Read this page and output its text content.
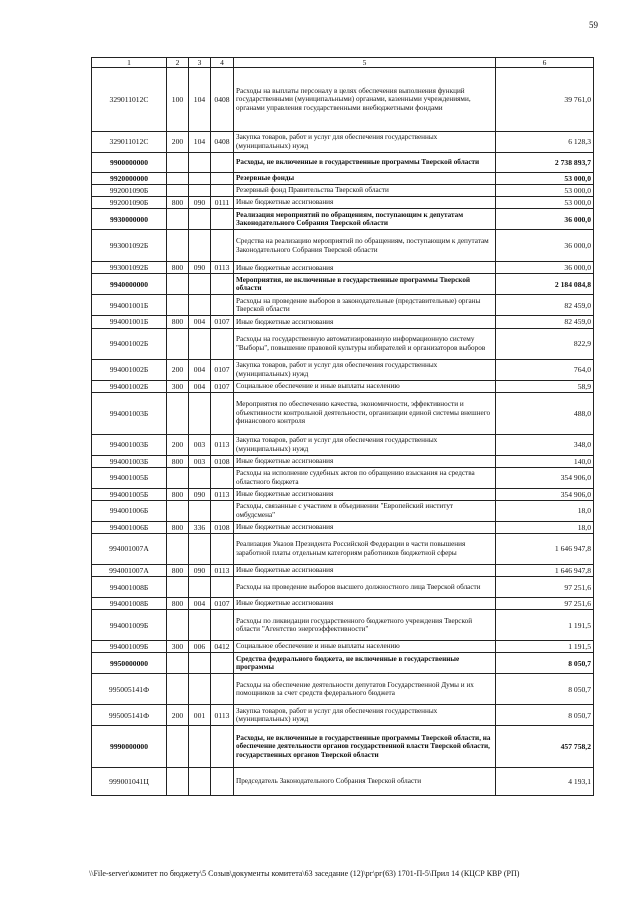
59
1	2	3	4	5	6
329011012С	100	104	0408	Расходы на выплаты персоналу в целях обеспечения выполнения функций государственными (муниципальными) органами, казенными учреждениями, органами управления государственными внебюджетными фондами	39 761,0
329011012С	200	104	0408	Закупка товаров, работ и услуг для обеспечения государственных (муниципальных) нужд	6 128,3
9900000000				Расходы, не включенные в государственные программы Тверской области	2 738 893,7
9920000000				Резервные фонды	53 000,0
992001090Б				Резервный фонд Правительства Тверской области	53 000,0
992001090Б	800	090	0111	Иные бюджетные ассигнования	53 000,0
9930000000				Реализация мероприятий по обращениям, поступающим к депутатам Законодательного Собрания Тверской области	36 000,0
993001092Б				Средства на реализацию мероприятий по обращениям, поступающим к депутатам Законодательного Собрания Тверской области	36 000,0
993001092Б	800	090	0113	Иные бюджетные ассигнования	36 000,0
9940000000				Мероприятия, не включенные в государственные программы Тверской области	2 184 084,8
994001001Б				Расходы на проведение выборов в законодательные (представительные) органы Тверской области	82 459,0
994001001Б	800	004	0107	Иные бюджетные ассигнования	82 459,0
994001002Б				Расходы на государственную автоматизированную информационную систему "Выборы", повышение правовой культуры избирателей и организаторов выборов	822,9
994001002Б	200	004	0107	Закупка товаров, работ и услуг для обеспечения государственных (муниципальных) нужд	764,0
994001002Б	300	004	0107	Социальное обеспечение и иные выплаты населению	58,9
994001003Б				Мероприятия по обеспечению качества, экономичности, эффективности и объективности контрольной деятельности, организации единой системы внешнего финансового контроля	488,0
994001003Б	200	003	0113	Закупка товаров, работ и услуг для обеспечения государственных (муниципальных) нужд	348,0
994001003Б	800	003	0108	Иные бюджетные ассигнования	140,0
994001005Б				Расходы на исполнение судебных актов по обращению взыскания на средства областного бюджета	354 906,0
994001005Б	800	090	0113	Иные бюджетные ассигнования	354 906,0
994001006Б				Расходы, связанные с участием в объединении "Европейский институт омбудсмена"	18,0
994001006Б	800	336	0108	Иные бюджетные ассигнования	18,0
994001007А				Реализация Указов Президента Российской Федерации в части повышения заработной платы отдельным категориям работников бюджетной сферы	1 646 947,8
994001007А	800	090	0113	Иные бюджетные ассигнования	1 646 947,8
994001008Б				Расходы на проведение выборов высшего должностного лица Тверской области	97 251,6
994001008Б	800	004	0107	Иные бюджетные ассигнования	97 251,6
994001009Б				Расходы по ликвидации государственного бюджетного учреждения Тверской области "Агентство энергоэффективности"	1 191,5
994001009Б	300	006	0412	Социальное обеспечение и иные выплаты населению	1 191,5
9950000000				Средства федерального бюджета, не включенные в государственные программы	8 050,7
995005141Ф				Расходы на обеспечение деятельности депутатов Государственной Думы и их помощников за счет средств федерального бюджета	8 050,7
995005141Ф	200	001	0113	Закупка товаров, работ и услуг для обеспечения государственных (муниципальных) нужд	8 050,7
9990000000				Расходы, не включенные в государственные программы Тверской области, на обеспечение деятельности органов государственной власти Тверской области, государственных органов Тверской области	457 758,2
999001041Ц				Председатель Законодательного Собрания Тверской области	4 193,1
\\File-server\комитет по бюджету\5 Созыв\документы комитета\63 заседание (12)\рг\рг(63) 1701-П-5\Прил 14 (КЦСР КВР (РП)
